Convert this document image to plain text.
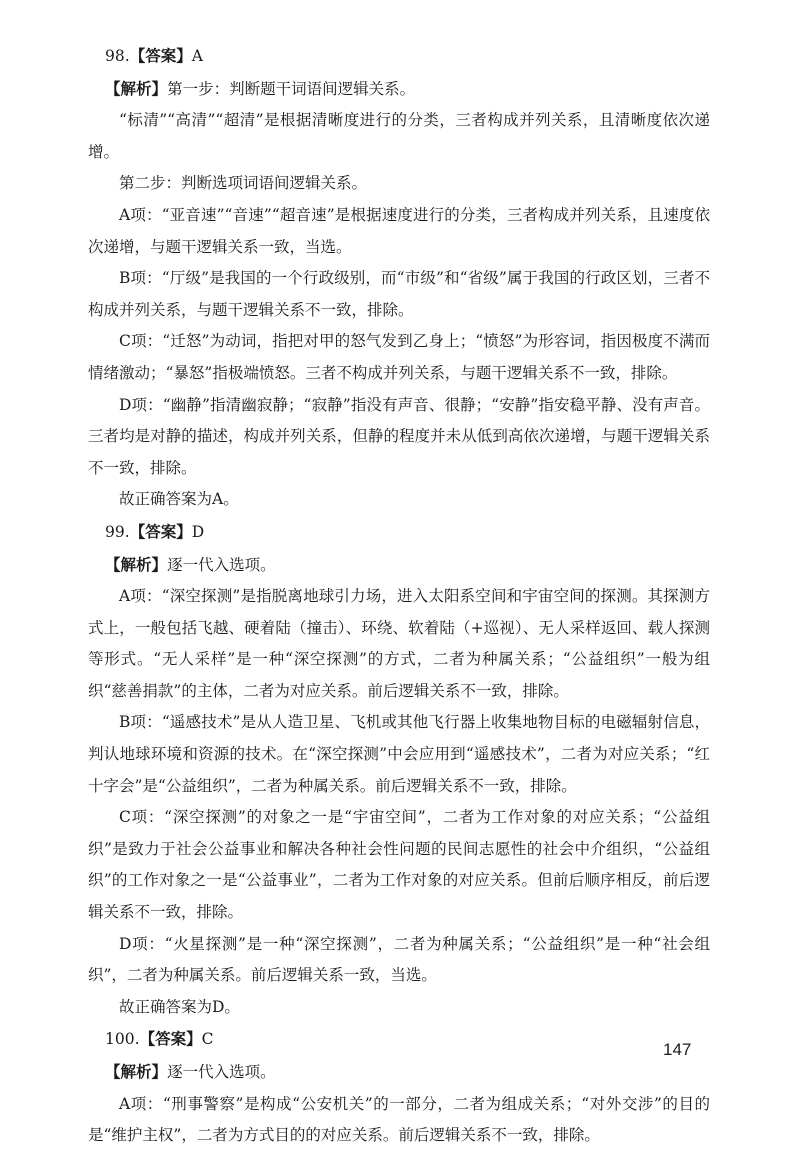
98.【答案】A

【解析】第一步：判断题干词语间逻辑关系。

“标清”“高清”“超清”是根据清晰度进行的分类，三者构成并列关系，且清晰度依次递增。

第二步：判断选项词语间逻辑关系。

A项：“亚音速”“音速”“超音速”是根据速度进行的分类，三者构成并列关系，且速度依次递增，与题干逻辑关系一致，当选。

B项：“厅级”是我国的一个行政级别，而“市级”和“省级”属于我国的行政区划，三者不构成并列关系，与题干逻辑关系不一致，排除。

C项：“迁怒”为动词，指把对甲的怒气发到乙身上；“愤怒”为形容词，指因极度不满而情绪激动；“暴怒”指极端愤怒。三者不构成并列关系，与题干逻辑关系不一致，排除。

D项：“幽静”指清幽寂静；“寂静”指没有声音、很静；“安静”指安稳平静、没有声音。三者均是对静的描述，构成并列关系，但静的程度并未从低到高依次递增，与题干逻辑关系不一致，排除。

故正确答案为A。

99.【答案】D

【解析】逐一代入选项。

A项：“深空探测”是指脱离地球引力场，进入太阳系空间和宇宙空间的探测。其探测方式上，一般包括飞越、硬着陆（撞击）、环绕、软着陆（+巡视）、无人采样返回、载人探测等形式。“无人采样”是一种“深空探测”的方式，二者为种属关系；“公益组织”一般为组织“慈善捐款”的主体，二者为对应关系。前后逻辑关系不一致，排除。

B项：“遥感技术”是从人造卫星、飞机或其他飞行器上收集地物目标的电磁辐射信息，判认地球环境和资源的技术。在“深空探测”中会应用到“遥感技术”，二者为对应关系；“红十字会”是“公益组织”，二者为种属关系。前后逻辑关系不一致，排除。

C项：“深空探测”的对象之一是“宇宙空间”，二者为工作对象的对应关系；“公益组织”是致力于社会公益事业和解决各种社会性问题的民间志愿性的社会中介组织，“公益组织”的工作对象之一是“公益事业”，二者为工作对象的对应关系。但前后顺序相反，前后逻辑关系不一致，排除。

D项：“火星探测”是一种“深空探测”，二者为种属关系；“公益组织”是一种“社会组织”，二者为种属关系。前后逻辑关系一致，当选。

故正确答案为D。

100.【答案】C

【解析】逐一代入选项。

A项：“刑事警察”是构成“公安机关”的一部分，二者为组成关系；“对外交涉”的目的是“维护主权”，二者为方式目的的对应关系。前后逻辑关系不一致，排除。

147
